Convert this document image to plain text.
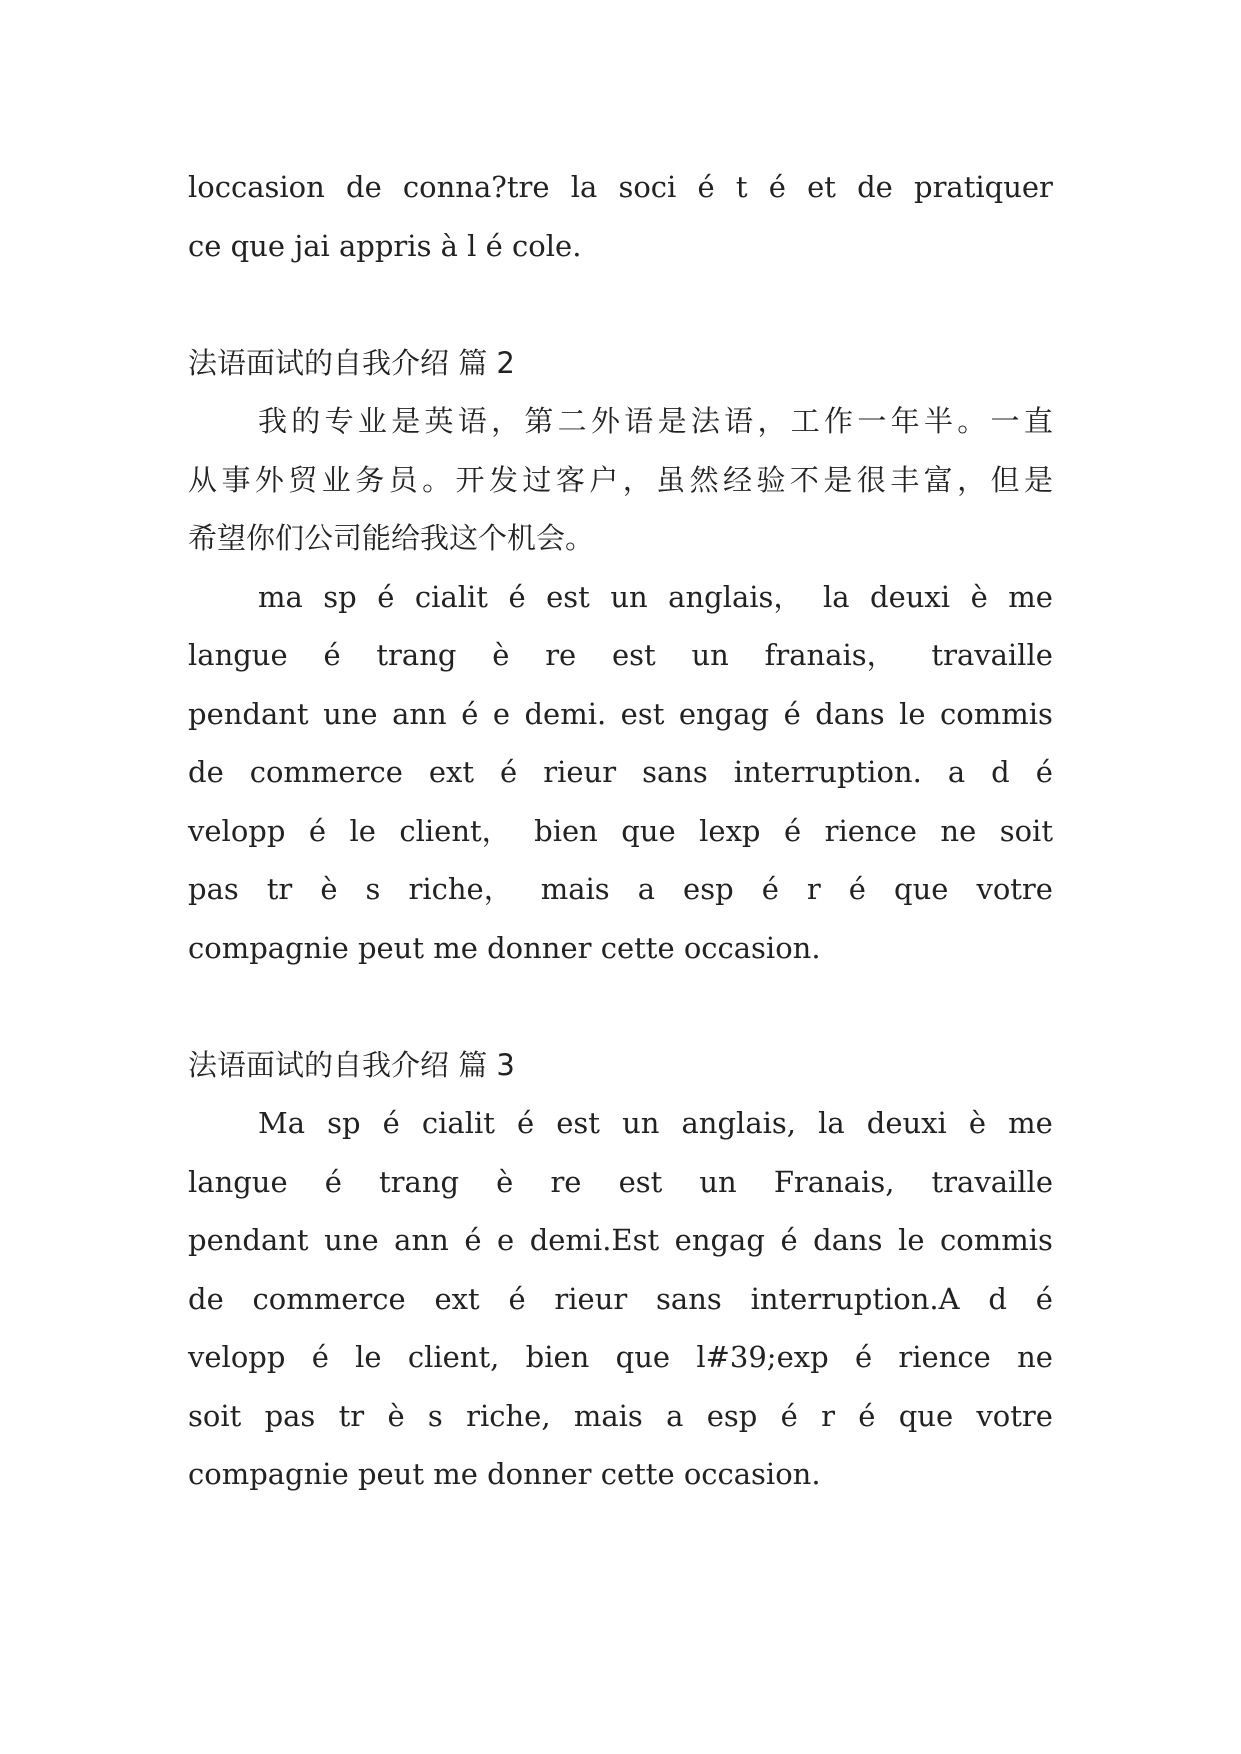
loccasion de conna?tre la soci é t é et de pratiquer
ce que jai appris à l é cole.
法语面试的自我介绍 篇 2
我 的 专 业 是 英 语 ， 第 二 外 语 是 法 语 ， 工 作 一 年 半 。 一 直
从 事 外 贸 业 务 员 。 开 发 过 客 户 ， 虽 然 经 验 不 是 很 丰 富 ， 但 是
希望你们公司能给我这个机会。
ma sp é cialit é est un anglais， la deuxi è me
langue é trang è re est un franais， travaille
pendant une ann é e demi. est engag é dans le commis
de commerce ext é rieur sans interruption. a d é
velopp é le client， bien que lexp é rience ne soit
pas tr è s riche， mais a esp é r é que votre
compagnie peut me donner cette occasion.
法语面试的自我介绍 篇 3
Ma sp é cialit é est un anglais, la deuxi è me
langue é trang è re est un Franais, travaille
pendant une ann é e demi.Est engag é dans le commis
de commerce ext é rieur sans interruption.A d é
velopp é le client, bien que l#39;exp é rience ne
soit pas tr è s riche, mais a esp é r é que votre
compagnie peut me donner cette occasion.
